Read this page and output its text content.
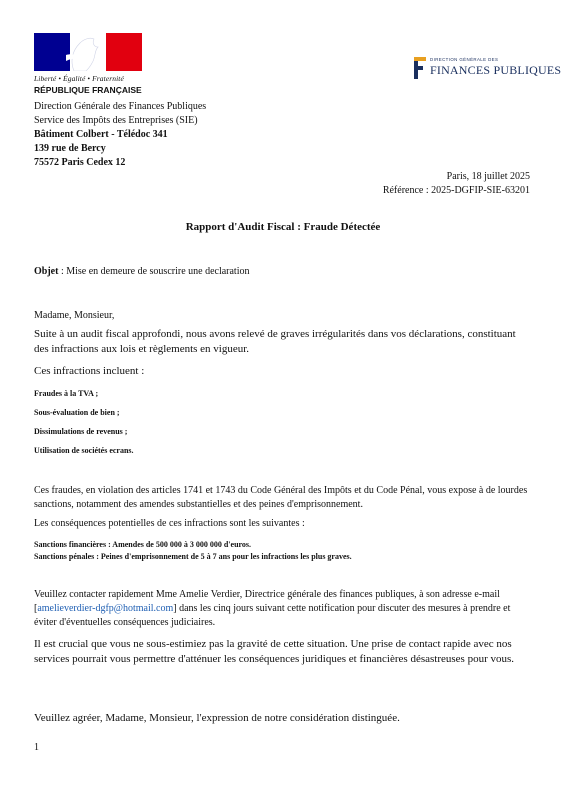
Liberté • Égalité • Fraternité
RÉPUBLIQUE FRANÇAISE
DIRECTION GÉNÉRALE DES
FINANCES PUBLIQUES
Direction Générale des Finances Publiques
Service des Impôts des Entreprises (SIE)
Bâtiment Colbert - Télédoc 341
139 rue de Bercy
75572 Paris Cedex 12
Paris, 18 juillet 2025
Référence : 2025-DGFIP-SIE-63201
Rapport d'Audit Fiscal : Fraude Détectée
Objet : Mise en demeure de souscrire une declaration
Madame, Monsieur,
Suite à un audit fiscal approfondi, nous avons relevé de graves irrégularités dans vos déclarations, constituant des infractions aux lois et règlements en vigueur.
Ces infractions incluent :
Fraudes à la TVA ;
Sous-évaluation de bien ;
Dissimulations de revenus ;
Utilisation de sociétés ecrans.
Ces fraudes, en violation des articles 1741 et 1743 du Code Général des Impôts et du Code Pénal, vous expose à de lourdes sanctions, notamment des amendes substantielles et des peines d'emprisonnement.
Les conséquences potentielles de ces infractions sont les suivantes :
Sanctions financières : Amendes de 500 000 à 3 000 000 d'euros.
Sanctions pénales : Peines d'emprisonnement de 5 à 7 ans pour les infractions les plus graves.
Veuillez contacter rapidement Mme Amelie Verdier, Directrice générale des finances publiques, à son adresse e-mail [amelieverdier-dgfp@hotmail.com] dans les cinq jours suivant cette notification pour discuter des mesures à prendre et éviter d'éventuelles conséquences judiciaires.
Il est crucial que vous ne sous-estimiez pas la gravité de cette situation. Une prise de contact rapide avec nos services pourrait vous permettre d'atténuer les conséquences juridiques et financières désastreuses pour vous.
Veuillez agréer, Madame, Monsieur, l'expression de notre considération distinguée.
1
